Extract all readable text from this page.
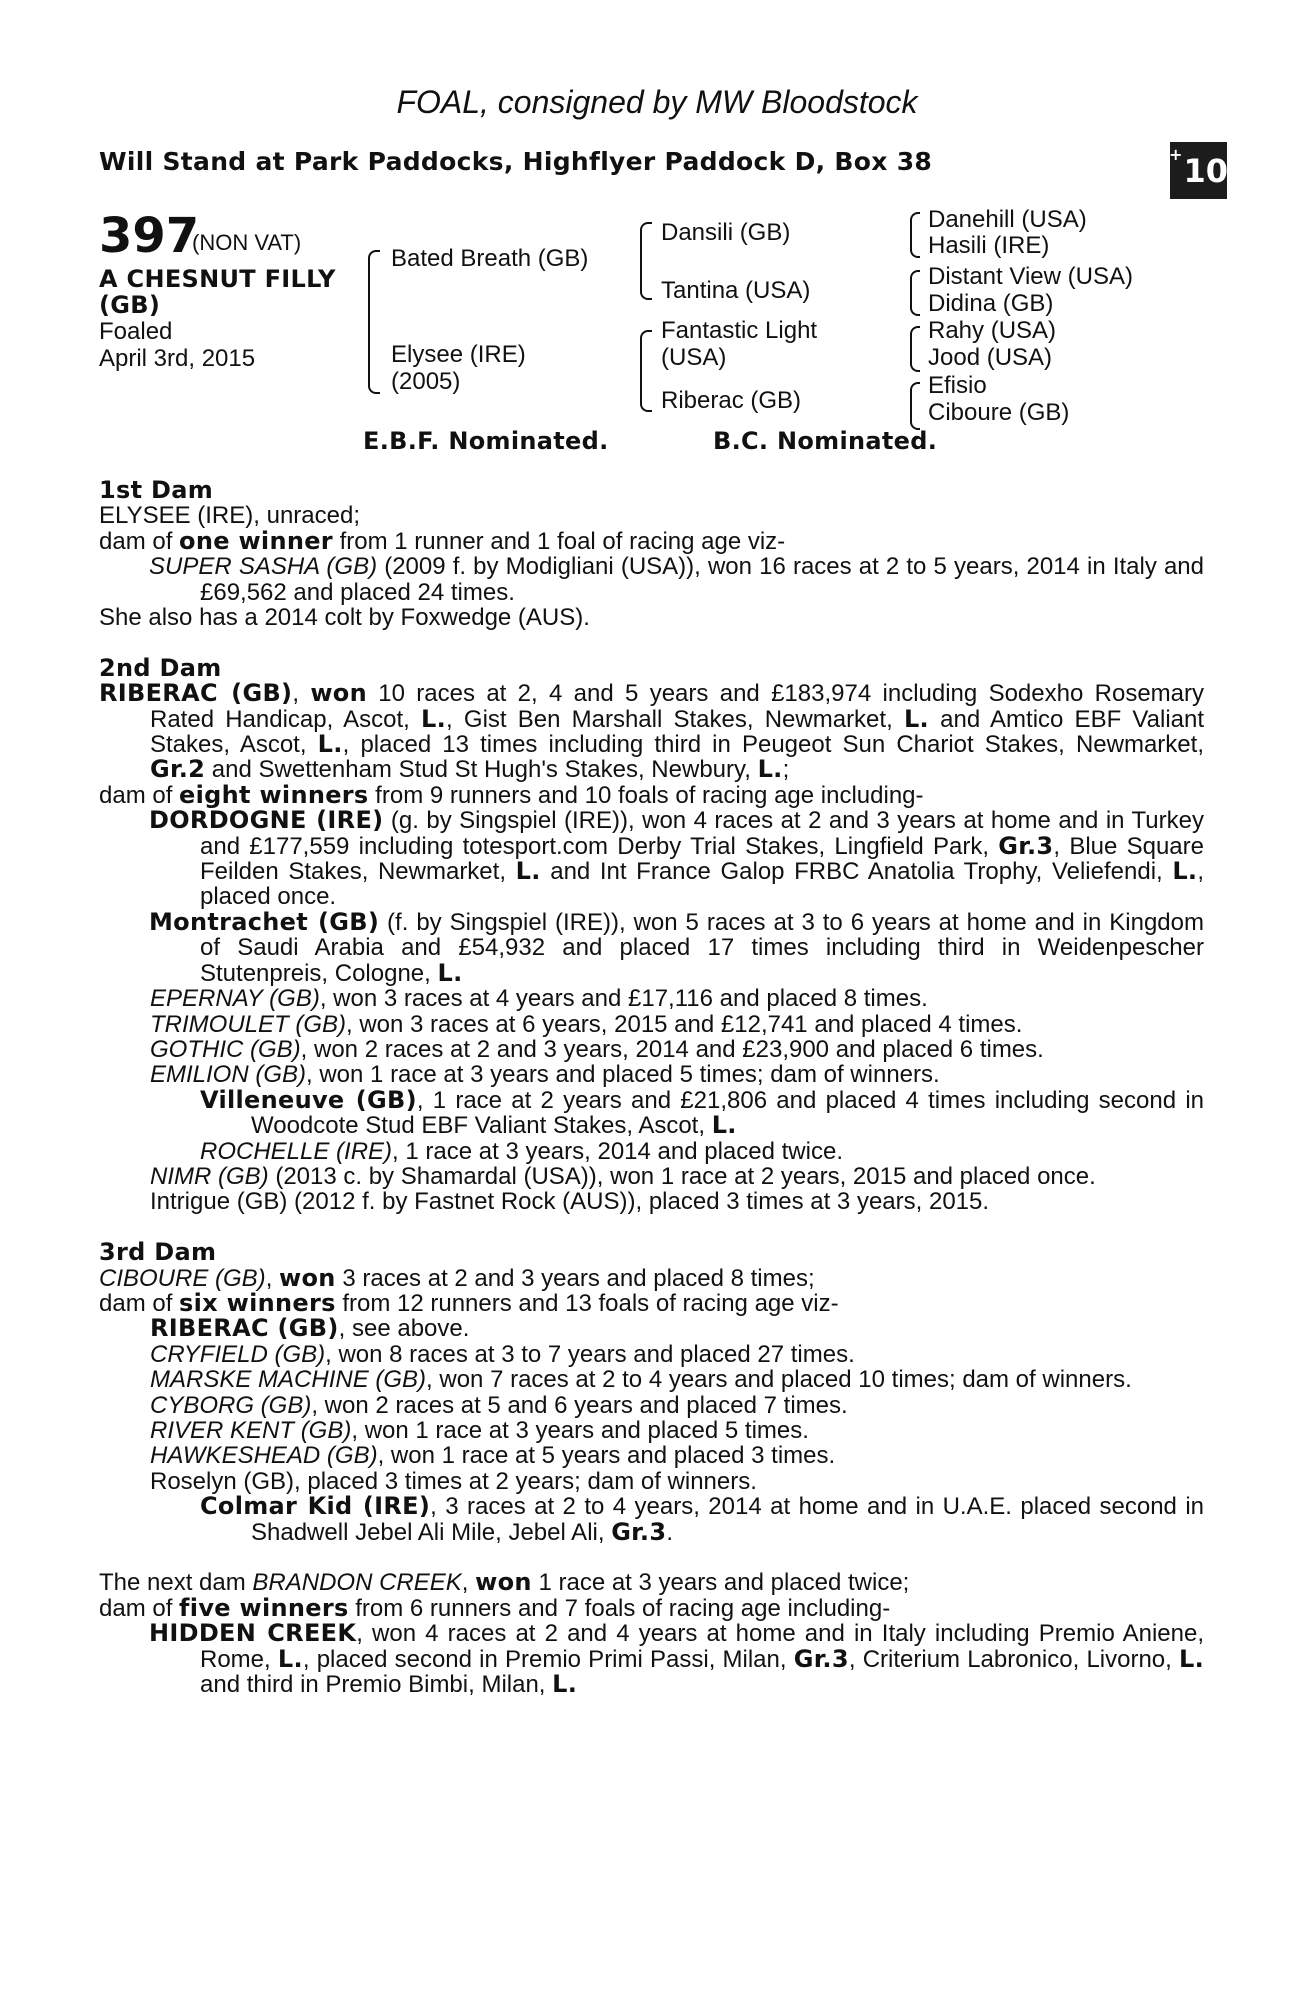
FOAL, consigned by MW Bloodstock
Will Stand at Park Paddocks, Highflyer Paddock D, Box 38	+ 10
397
(NON VAT)
A CHESNUT FILLY
(GB)
Foaled
April 3rd, 2015
Bated Breath (GB)
Elysee (IRE)
(2005)
Dansili (GB)
Tantina (USA)
Fantastic Light
(USA)
Riberac (GB)
Danehill (USA)
Hasili (IRE)
Distant View (USA)
Didina (GB)
Rahy (USA)
Jood (USA)
Efisio
Ciboure (GB)
E.B.F. Nominated.	B.C. Nominated.

1st Dam

ELYSEE (IRE), unraced;

dam of one winner from 1 runner and 1 foal of racing age viz-

SUPER SASHA (GB) (2009 f. by Modigliani (USA)), won 16 races at 2 to 5 years, 2014 in Italy and £69,562 and placed 24 times.

She also has a 2014 colt by Foxwedge (AUS).

2nd Dam

RIBERAC (GB), won 10 races at 2, 4 and 5 years and £183,974 including Sodexho Rosemary Rated Handicap, Ascot, L., Gist Ben Marshall Stakes, Newmarket, L. and Amtico EBF Valiant Stakes, Ascot, L., placed 13 times including third in Peugeot Sun Chariot Stakes, Newmarket, Gr.2 and Swettenham Stud St Hugh's Stakes, Newbury, L.;

dam of eight winners from 9 runners and 10 foals of racing age including-

DORDOGNE (IRE) (g. by Singspiel (IRE)), won 4 races at 2 and 3 years at home and in Turkey and £177,559 including totesport.com Derby Trial Stakes, Lingfield Park, Gr.3, Blue Square Feilden Stakes, Newmarket, L. and Int France Galop FRBC Anatolia Trophy, Veliefendi, L., placed once.

Montrachet (GB) (f. by Singspiel (IRE)), won 5 races at 3 to 6 years at home and in Kingdom of Saudi Arabia and £54,932 and placed 17 times including third in Weidenpescher Stutenpreis, Cologne, L.

EPERNAY (GB), won 3 races at 4 years and £17,116 and placed 8 times.

TRIMOULET (GB), won 3 races at 6 years, 2015 and £12,741 and placed 4 times.

GOTHIC (GB), won 2 races at 2 and 3 years, 2014 and £23,900 and placed 6 times.

EMILION (GB), won 1 race at 3 years and placed 5 times; dam of winners.

Villeneuve (GB), 1 race at 2 years and £21,806 and placed 4 times including second in Woodcote Stud EBF Valiant Stakes, Ascot, L.

ROCHELLE (IRE), 1 race at 3 years, 2014 and placed twice.

NIMR (GB) (2013 c. by Shamardal (USA)), won 1 race at 2 years, 2015 and placed once.

Intrigue (GB) (2012 f. by Fastnet Rock (AUS)), placed 3 times at 3 years, 2015.

3rd Dam

CIBOURE (GB), won 3 races at 2 and 3 years and placed 8 times;

dam of six winners from 12 runners and 13 foals of racing age viz-

RIBERAC (GB), see above.

CRYFIELD (GB), won 8 races at 3 to 7 years and placed 27 times.

MARSKE MACHINE (GB), won 7 races at 2 to 4 years and placed 10 times; dam of winners.

CYBORG (GB), won 2 races at 5 and 6 years and placed 7 times.

RIVER KENT (GB), won 1 race at 3 years and placed 5 times.

HAWKESHEAD (GB), won 1 race at 5 years and placed 3 times.

Roselyn (GB), placed 3 times at 2 years; dam of winners.

Colmar Kid (IRE), 3 races at 2 to 4 years, 2014 at home and in U.A.E. placed second in Shadwell Jebel Ali Mile, Jebel Ali, Gr.3.

The next dam BRANDON CREEK, won 1 race at 3 years and placed twice;

dam of five winners from 6 runners and 7 foals of racing age including-

HIDDEN CREEK, won 4 races at 2 and 4 years at home and in Italy including Premio Aniene, Rome, L., placed second in Premio Primi Passi, Milan, Gr.3, Criterium Labronico, Livorno, L. and third in Premio Bimbi, Milan, L.
